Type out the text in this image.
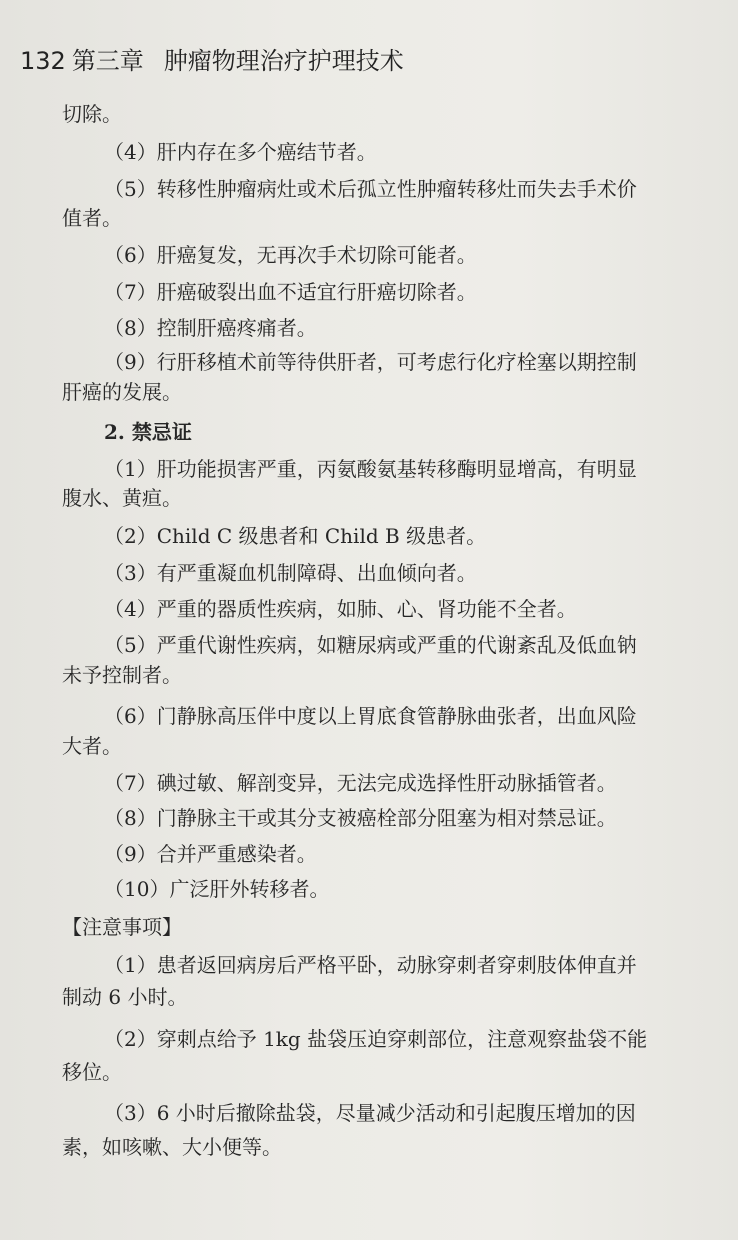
132 第三章 肿瘤物理治疗护理技术
切除。
（4）肝内存在多个癌结节者。
（5）转移性肿瘤病灶或术后孤立性肿瘤转移灶而失去手术价
值者。
（6）肝癌复发，无再次手术切除可能者。
（7）肝癌破裂出血不适宜行肝癌切除者。
（8）控制肝癌疼痛者。
（9）行肝移植术前等待供肝者，可考虑行化疗栓塞以期控制
肝癌的发展。
2. 禁忌证
（1）肝功能损害严重，丙氨酸氨基转移酶明显增高，有明显
腹水、黄疸。
（2）Child C 级患者和 Child B 级患者。
（3）有严重凝血机制障碍、出血倾向者。
（4）严重的器质性疾病，如肺、心、肾功能不全者。
（5）严重代谢性疾病，如糖尿病或严重的代谢紊乱及低血钠
未予控制者。
（6）门静脉高压伴中度以上胃底食管静脉曲张者，出血风险
大者。
（7）碘过敏、解剖变异，无法完成选择性肝动脉插管者。
（8）门静脉主干或其分支被癌栓部分阻塞为相对禁忌证。
（9）合并严重感染者。
（10）广泛肝外转移者。
【注意事项】
（1）患者返回病房后严格平卧，动脉穿刺者穿刺肢体伸直并
制动 6 小时。
（2）穿刺点给予 1kg 盐袋压迫穿刺部位，注意观察盐袋不能
移位。
（3）6 小时后撤除盐袋，尽量减少活动和引起腹压增加的因
素，如咳嗽、大小便等。
